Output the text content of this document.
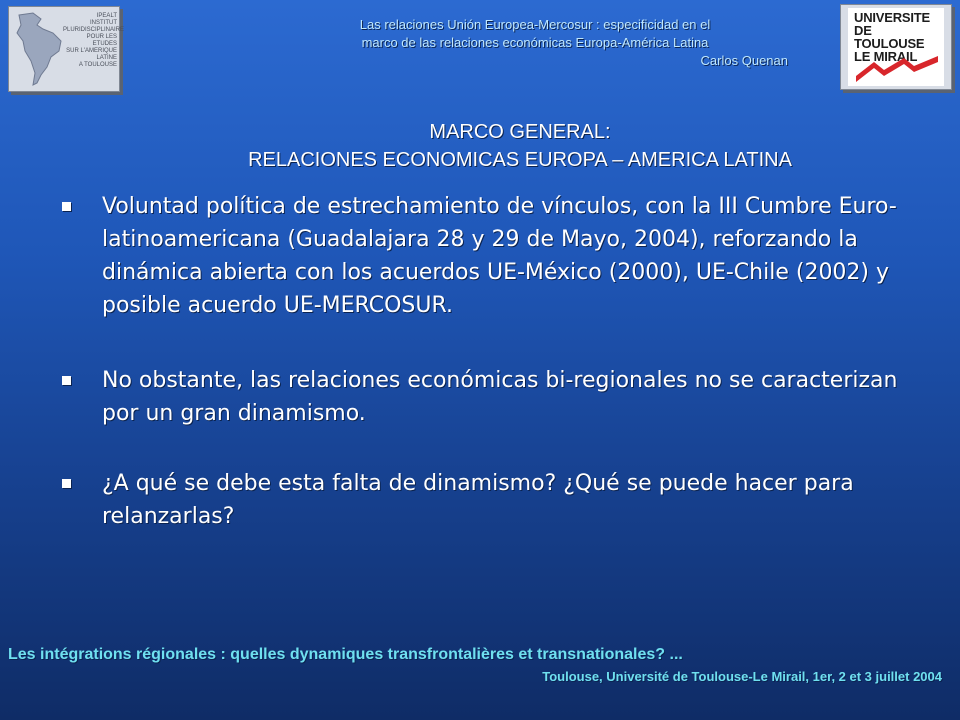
IPEALT
INSTITUT
PLURIDISCIPLINAIRE
POUR LES ETUDES
SUR L'AMERIQUE
LATINE
A TOULOUSE
Las relaciones Unión Europea-Mercosur : especificidad en el
marco de las relaciones económicas Europa-América Latina
Carlos Quenan
UNIVERSITE
DE TOULOUSE
LE MIRAIL
MARCO GENERAL:
RELACIONES ECONOMICAS EUROPA – AMERICA LATINA
Voluntad política de estrechamiento de vínculos, con la III Cumbre Euro-latinoamericana (Guadalajara 28 y 29 de Mayo, 2004), reforzando la dinámica abierta con los acuerdos UE-México (2000), UE-Chile (2002) y posible acuerdo UE-MERCOSUR.
No obstante, las relaciones económicas bi-regionales no se caracterizan por un gran dinamismo.
¿A qué se debe esta falta de dinamismo? ¿Qué se puede hacer para relanzarlas?
Les intégrations régionales : quelles dynamiques transfrontalières et transnationales? ...
Toulouse, Université de Toulouse-Le Mirail, 1er, 2 et 3 juillet 2004
